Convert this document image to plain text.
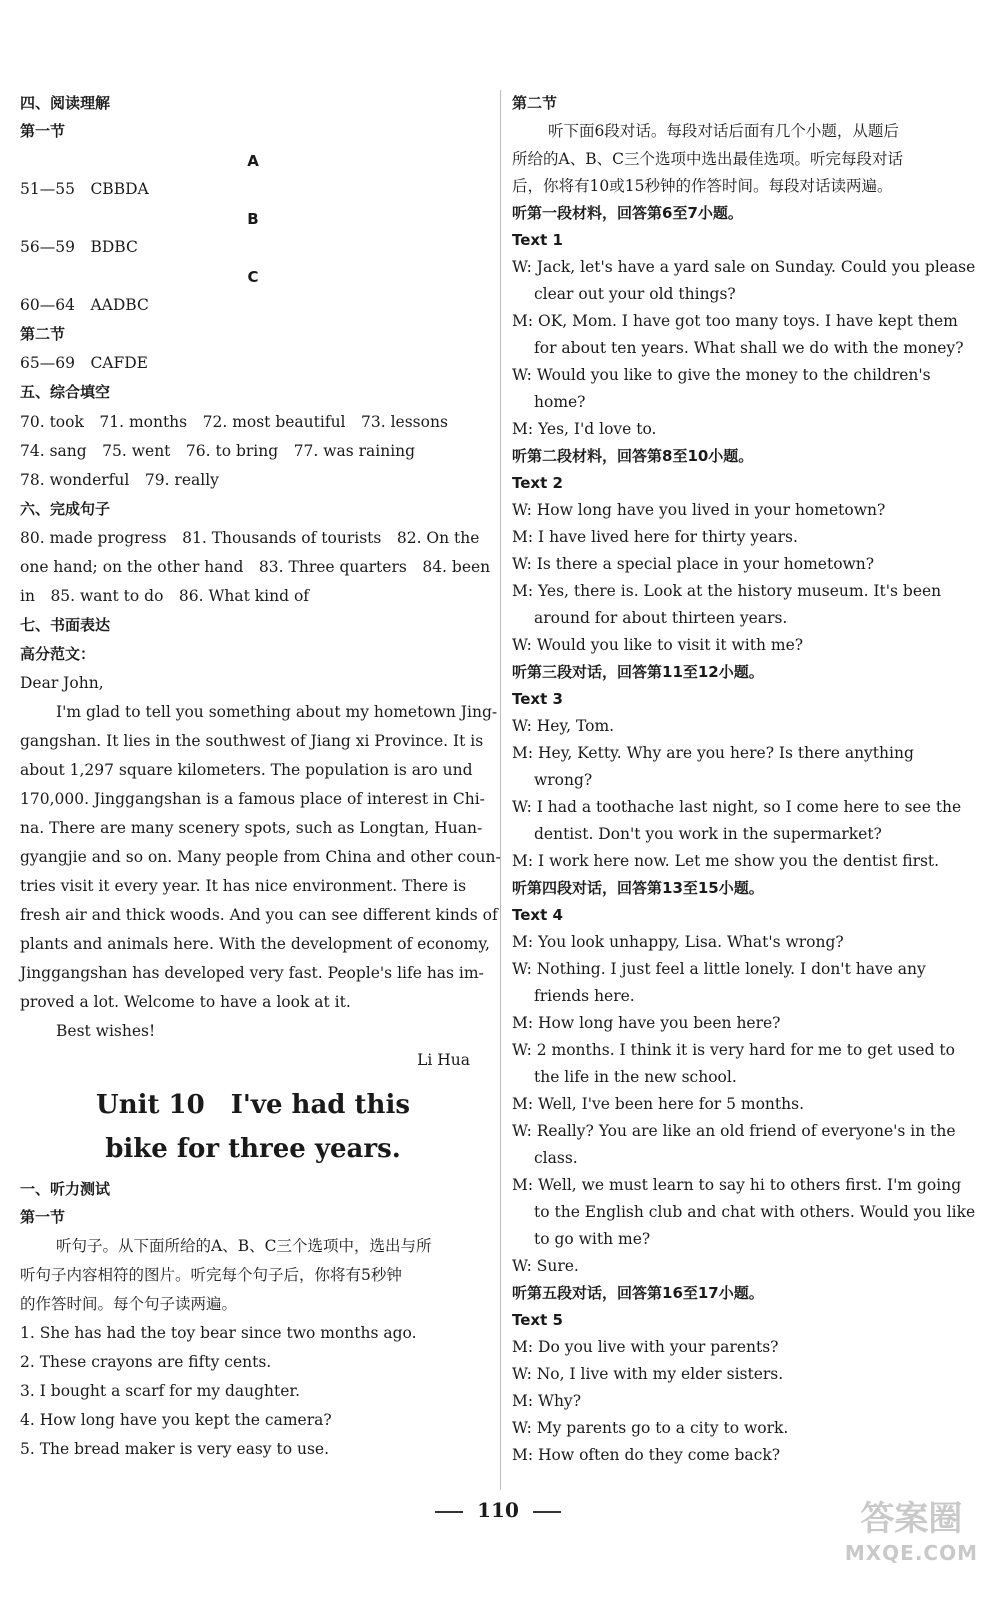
四、阅读理解
第一节
A
51—55　CBBDA
B
56—59　BDBC
C
60—64　AADBC
第二节
65—69　CAFDE
五、综合填空
70. took　71. months　72. most beautiful　73. lessons
74. sang　75. went　76. to bring　77. was raining
78. wonderful　79. really
六、完成句子
80. made progress　81. Thousands of tourists　82. On the
one hand; on the other hand　83. Three quarters　84. been
in　85. want to do　86. What kind of
七、书面表达
高分范文：
Dear John,
I'm glad to tell you something about my hometown Jing-
gangshan. It lies in the southwest of Jiang xi Province. It is
about 1,297 square kilometers. The population is aro und
170,000. Jinggangshan is a famous place of interest in Chi-
na. There are many scenery spots, such as Longtan, Huan-
gyangjie and so on. Many people from China and other coun-
tries visit it every year. It has nice environment. There is
fresh air and thick woods. And you can see different kinds of
plants and animals here. With the development of economy,
Jinggangshan has developed very fast. People's life has im-
proved a lot. Welcome to have a look at it.
Best wishes!
Li Hua
Unit 10　I've had this
bike for three years.
一、听力测试
第一节
听句子。从下面所给的A、B、C三个选项中，选出与所
听句子内容相符的图片。听完每个句子后，你将有5秒钟
的作答时间。每个句子读两遍。
1. She has had the toy bear since two months ago.
2. These crayons are fifty cents.
3. I bought a scarf for my daughter.
4. How long have you kept the camera?
5. The bread maker is very easy to use.
第二节
听下面6段对话。每段对话后面有几个小题，从题后
所给的A、B、C三个选项中选出最佳选项。听完每段对话
后，你将有10或15秒钟的作答时间。每段对话读两遍。
听第一段材料，回答第6至7小题。
Text 1
W: Jack, let's have a yard sale on Sunday. Could you please
clear out your old things?
M: OK, Mom. I have got too many toys. I have kept them
for about ten years. What shall we do with the money?
W: Would you like to give the money to the children's
home?
M: Yes, I'd love to.
听第二段材料，回答第8至10小题。
Text 2
W: How long have you lived in your hometown?
M: I have lived here for thirty years.
W: Is there a special place in your hometown?
M: Yes, there is. Look at the history museum. It's been
around for about thirteen years.
W: Would you like to visit it with me?
听第三段对话，回答第11至12小题。
Text 3
W: Hey, Tom.
M: Hey, Ketty. Why are you here? Is there anything
wrong?
W: I had a toothache last night, so I come here to see the
dentist. Don't you work in the supermarket?
M: I work here now. Let me show you the dentist first.
听第四段对话，回答第13至15小题。
Text 4
M: You look unhappy, Lisa. What's wrong?
W: Nothing. I just feel a little lonely. I don't have any
friends here.
M: How long have you been here?
W: 2 months. I think it is very hard for me to get used to
the life in the new school.
M: Well, I've been here for 5 months.
W: Really? You are like an old friend of everyone's in the
class.
M: Well, we must learn to say hi to others first. I'm going
to the English club and chat with others. Would you like
to go with me?
W: Sure.
听第五段对话，回答第16至17小题。
Text 5
M: Do you live with your parents?
W: No, I live with my elder sisters.
M: Why?
W: My parents go to a city to work.
M: How often do they come back?
110	答案圈
MXQE.COM
